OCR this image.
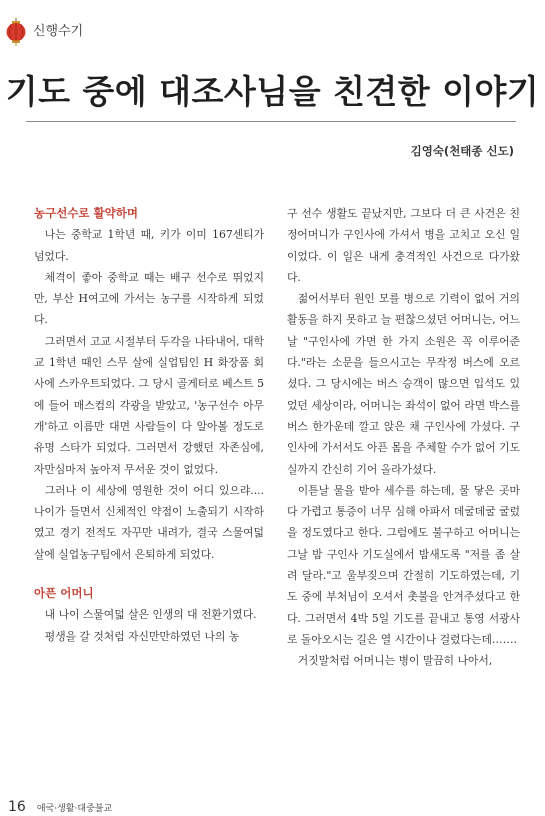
신행수기
기도 중에 대조사님을 친견한 이야기
김영숙(천태종 신도)
농구선수로 활약하며

나는 중학교 1학년 때, 키가 이미 167센티가 넘었다.

체격이 좋아 중학교 때는 배구 선수로 뛰었지만, 부산 H여고에 가서는 농구를 시작하게 되었다.

그러면서 고교 시절부터 두각을 나타내어, 대학교 1학년 때인 스무 살에 실업팀인 H 화장품 회사에 스카우트되었다. 그 당시 골게터로 베스트 5에 들어 매스컴의 각광을 받았고, '농구선수 아무개'하고 이름만 대면 사람들이 다 알아볼 정도로 유명 스타가 되었다. 그러면서 강했던 자존심에, 자만심마저 높아져 무서운 것이 없었다.

그러나 이 세상에 영원한 것이 어디 있으랴.... 나이가 들면서 신체적인 약점이 노출되기 시작하였고 경기 전적도 자꾸만 내려가, 결국 스물여덟 살에 실업농구팀에서 은퇴하게 되었다.

아픈 어머니

내 나이 스물여덟 살은 인생의 대 전환기였다.

평생을 갈 것처럼 자신만만하였던 나의 농

구 선수 생활도 끝났지만, 그보다 더 큰 사건은 친정어머니가 구인사에 가셔서 병을 고치고 오신 일이었다. 이 일은 내게 충격적인 사건으로 다가왔다.

젊어서부터 원인 모를 병으로 기력이 없어 거의 활동을 하지 못하고 늘 편찮으셨던 어머니는, 어느 날 "구인사에 가면 한 가지 소원은 꼭 이루어준다."라는 소문을 들으시고는 무작정 버스에 오르셨다. 그 당시에는 버스 승객이 많으면 입석도 있었던 세상이라, 어머니는 좌석이 없어 라면 박스를 버스 한가운데 깔고 앉은 채 구인사에 가셨다. 구인사에 가서서도 아픈 몸을 주체할 수가 없어 기도실까지 간신히 기어 올라가셨다.

이튿날 물을 받아 세수를 하는데, 물 닿은 곳마다 가렵고 통증이 너무 심해 아파서 데굴데굴 굴렀을 정도였다고 한다. 그럼에도 불구하고 어머니는 그날 밤 구인사 기도실에서 밤새도록 "저를 좀 살려 달라."고 울부짖으며 간절히 기도하였는데, 기도 중에 부처님이 오셔서 촛불을 안겨주셨다고 한다. 그러면서 4박 5일 기도를 끝내고 통영 서광사로 돌아오시는 길은 열 시간이나 걸렸다는데…….

거짓말처럼 어머니는 병이 말끔히 나아서,

16 애국·생활·대중불교
